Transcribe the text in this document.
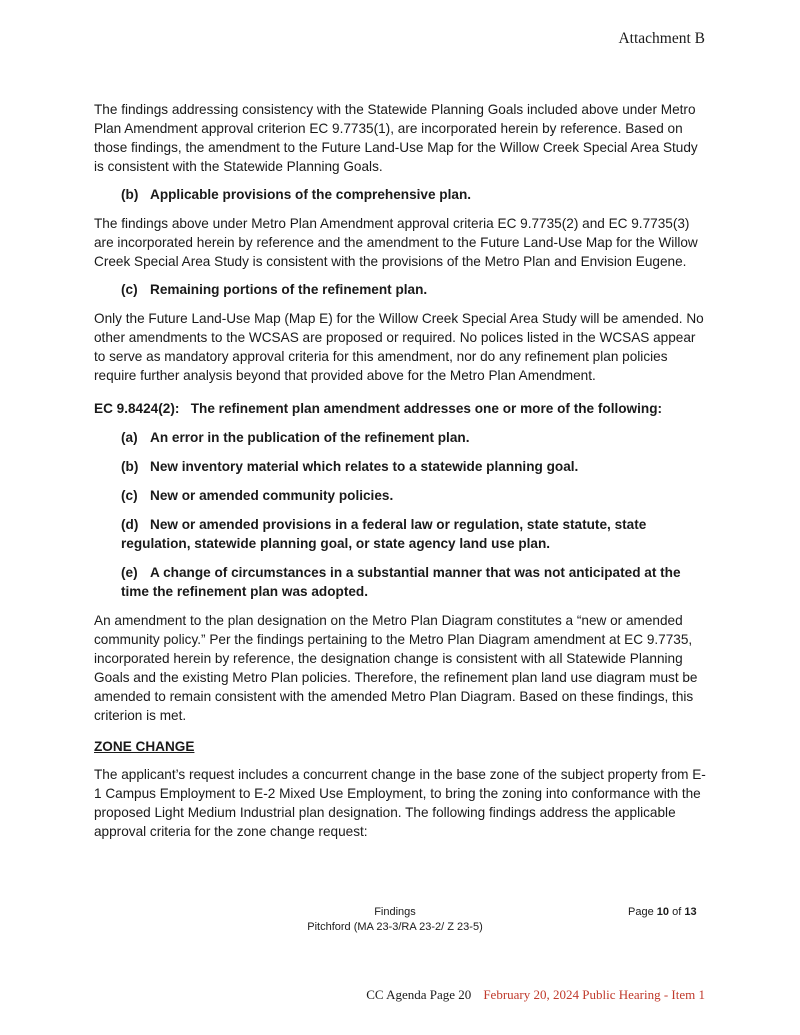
Attachment B

The findings addressing consistency with the Statewide Planning Goals included above under Metro Plan Amendment approval criterion EC 9.7735(1), are incorporated herein by reference. Based on those findings, the amendment to the Future Land-Use Map for the Willow Creek Special Area Study is consistent with the Statewide Planning Goals.

(b) Applicable provisions of the comprehensive plan.

The findings above under Metro Plan Amendment approval criteria EC 9.7735(2) and EC 9.7735(3) are incorporated herein by reference and the amendment to the Future Land-Use Map for the Willow Creek Special Area Study is consistent with the provisions of the Metro Plan and Envision Eugene.

(c) Remaining portions of the refinement plan.

Only the Future Land-Use Map (Map E) for the Willow Creek Special Area Study will be amended. No other amendments to the WCSAS are proposed or required. No polices listed in the WCSAS appear to serve as mandatory approval criteria for this amendment, nor do any refinement plan policies require further analysis beyond that provided above for the Metro Plan Amendment.

EC 9.8424(2):   The refinement plan amendment addresses one or more of the following:
(a) An error in the publication of the refinement plan.
(b) New inventory material which relates to a statewide planning goal.
(c) New or amended community policies.
(d) New or amended provisions in a federal law or regulation, state statute, state regulation, statewide planning goal, or state agency land use plan.
(e) A change of circumstances in a substantial manner that was not anticipated at the time the refinement plan was adopted.

An amendment to the plan designation on the Metro Plan Diagram constitutes a “new or amended community policy.” Per the findings pertaining to the Metro Plan Diagram amendment at EC 9.7735, incorporated herein by reference, the designation change is consistent with all Statewide Planning Goals and the existing Metro Plan policies. Therefore, the refinement plan land use diagram must be amended to remain consistent with the amended Metro Plan Diagram. Based on these findings, this criterion is met.

ZONE CHANGE

The applicant’s request includes a concurrent change in the base zone of the subject property from E-1 Campus Employment to E-2 Mixed Use Employment, to bring the zoning into conformance with the proposed Light Medium Industrial plan designation. The following findings address the applicable approval criteria for the zone change request:

Findings	Page 10 of 13
Pitchford (MA 23-3/RA 23-2/ Z 23-5)
CC Agenda Page 20 February 20, 2024 Public Hearing - Item 1
